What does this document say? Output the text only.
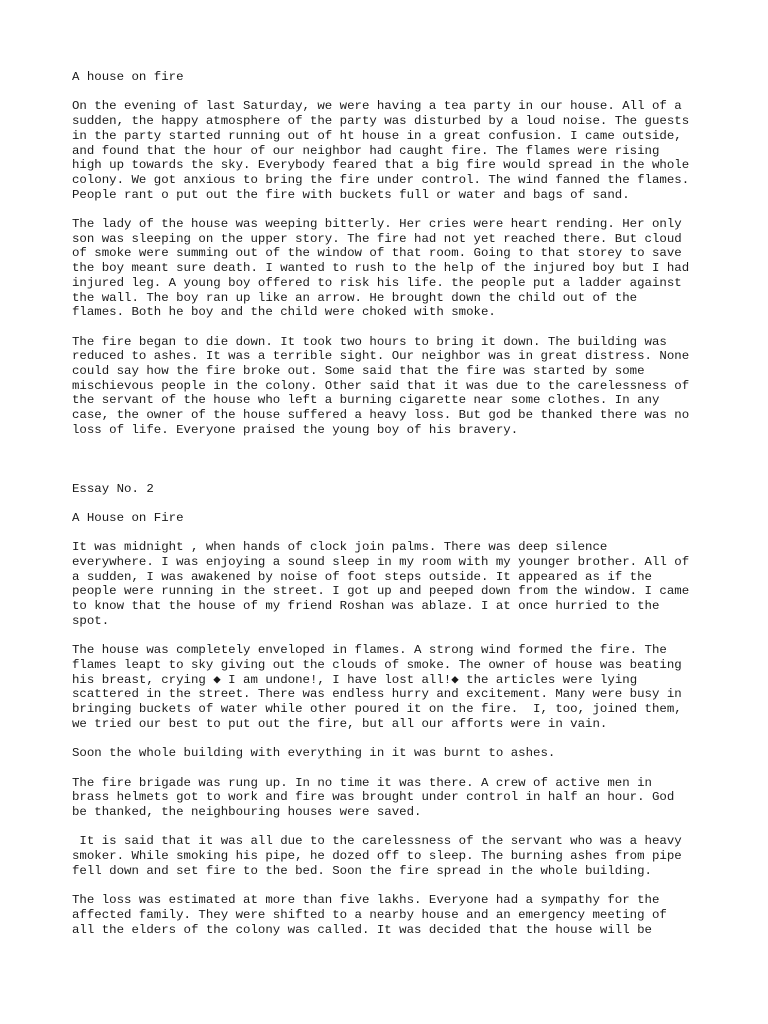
A house on fire

On the evening of last Saturday, we were having a tea party in our house. All of a

sudden, the happy atmosphere of the party was disturbed by a loud noise. The guests

in the party started running out of ht house in a great confusion. I came outside,

and found that the hour of our neighbor had caught fire. The flames were rising

high up towards the sky. Everybody feared that a big fire would spread in the whole

colony. We got anxious to bring the fire under control. The wind fanned the flames.

People rant o put out the fire with buckets full or water and bags of sand.

The lady of the house was weeping bitterly. Her cries were heart rending. Her only

son was sleeping on the upper story. The fire had not yet reached there. But cloud

of smoke were summing out of the window of that room. Going to that storey to save

the boy meant sure death. I wanted to rush to the help of the injured boy but I had

injured leg. A young boy offered to risk his life. the people put a ladder against

the wall. The boy ran up like an arrow. He brought down the child out of the

flames. Both he boy and the child were choked with smoke.

The fire began to die down. It took two hours to bring it down. The building was

reduced to ashes. It was a terrible sight. Our neighbor was in great distress. None

could say how the fire broke out. Some said that the fire was started by some

mischievous people in the colony. Other said that it was due to the carelessness of

the servant of the house who left a burning cigarette near some clothes. In any

case, the owner of the house suffered a heavy loss. But god be thanked there was no

loss of life. Everyone praised the young boy of his bravery.

Essay No. 2

A House on Fire

It was midnight , when hands of clock join palms. There was deep silence

everywhere. I was enjoying a sound sleep in my room with my younger brother. All of

a sudden, I was awakened by noise of foot steps outside. It appeared as if the

people were running in the street. I got up and peeped down from the window. I came

to know that the house of my friend Roshan was ablaze. I at once hurried to the

spot.

The house was completely enveloped in flames. A strong wind formed the fire. The

flames leapt to sky giving out the clouds of smoke. The owner of house was beating

his breast, crying ◆ I am undone!, I have lost all!◆ the articles were lying

scattered in the street. There was endless hurry and excitement. Many were busy in

bringing buckets of water while other poured it on the fire.  I, too, joined them,

we tried our best to put out the fire, but all our afforts were in vain.

Soon the whole building with everything in it was burnt to ashes.

The fire brigade was rung up. In no time it was there. A crew of active men in

brass helmets got to work and fire was brought under control in half an hour. God

be thanked, the neighbouring houses were saved.

It is said that it was all due to the carelessness of the servant who was a heavy

smoker. While smoking his pipe, he dozed off to sleep. The burning ashes from pipe

fell down and set fire to the bed. Soon the fire spread in the whole building.

The loss was estimated at more than five lakhs. Everyone had a sympathy for the

affected family. They were shifted to a nearby house and an emergency meeting of

all the elders of the colony was called. It was decided that the house will be
